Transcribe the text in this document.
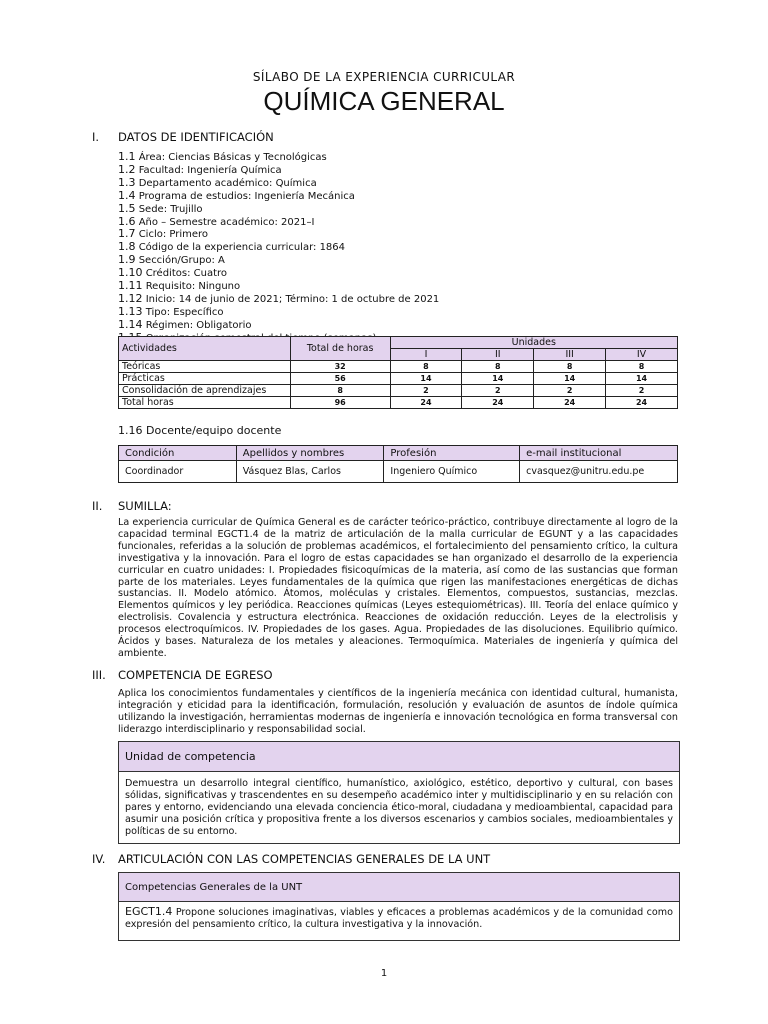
SÍLABO DE LA EXPERIENCIA CURRICULAR
QUÍMICA GENERAL
I. DATOS DE IDENTIFICACIÓN
1.1 Área: Ciencias Básicas y Tecnológicas
1.2 Facultad: Ingeniería Química
1.3 Departamento académico: Química
1.4 Programa de estudios: Ingeniería Mecánica
1.5 Sede: Trujillo
1.6 Año – Semestre académico: 2021–I
1.7 Ciclo: Primero
1.8 Código de la experiencia curricular: 1864
1.9 Sección/Grupo: A
1.10 Créditos: Cuatro
1.11 Requisito: Ninguno
1.12 Inicio: 14 de junio de 2021; Término: 1 de octubre de 2021
1.13 Tipo: Específico
1.14 Régimen: Obligatorio
Actividades	Total de horas	Unidades			
		I	II	III	IV
Teóricas	32	8	8	8	8
Prácticas	56	14	14	14	14
Consolidación de aprendizajes	8	2	2	2	2
Total horas	96	24	24	24	24
1.16 Docente/equipo docente
Condición	Apellidos y nombres	Profesión	e-mail institucional
Coordinador	Vásquez Blas, Carlos	Ingeniero Químico	cvasquez@unitru.edu.pe
II. SUMILLA:
La experiencia curricular de Química General es de carácter teórico-práctico, contribuye directamente al logro de la capacidad terminal EGCT1.4 de la matriz de articulación de la malla curricular de EGUNT y a las capacidades funcionales, referidas a la solución de problemas académicos, el fortalecimiento del pensamiento crítico, la cultura investigativa y la innovación. Para el logro de estas capacidades se han organizado el desarrollo de la experiencia curricular en cuatro unidades: I. Propiedades fisicoquímicas de la materia, así como de las sustancias que forman parte de los materiales. Leyes fundamentales de la química que rigen las manifestaciones energéticas de dichas sustancias. II. Modelo atómico. Átomos, moléculas y cristales. Elementos, compuestos, sustancias, mezclas. Elementos químicos y ley periódica. Reacciones químicas (Leyes estequiométricas). III. Teoría del enlace químico y electrolisis. Covalencia y estructura electrónica. Reacciones de oxidación reducción. Leyes de la electrolisis y procesos electroquímicos. IV. Propiedades de los gases. Agua. Propiedades de las disoluciones. Equilibrio químico. Ácidos y bases. Naturaleza de los metales y aleaciones. Termoquímica. Materiales de ingeniería y química del ambiente.
III. COMPETENCIA DE EGRESO
Aplica los conocimientos fundamentales y científicos de la ingeniería mecánica con identidad cultural, humanista, integración y eticidad para la identificación, formulación, resolución y evaluación de asuntos de índole química utilizando la investigación, herramientas modernas de ingeniería e innovación tecnológica en forma transversal con liderazgo interdisciplinario y responsabilidad social.
Unidad de competencia
Demuestra un desarrollo integral científico, humanístico, axiológico, estético, deportivo y cultural, con bases sólidas, significativas y trascendentes en su desempeño académico inter y multidisciplinario y en su relación con pares y entorno, evidenciando una elevada conciencia ético-moral, ciudadana y medioambiental, capacidad para asumir una posición crítica y propositiva frente a los diversos escenarios y cambios sociales, medioambientales y políticas de su entorno.
IV. ARTICULACIÓN CON LAS COMPETENCIAS GENERALES DE LA UNT
Competencias Generales de la UNT
EGCT1.4 Propone soluciones imaginativas, viables y eficaces a problemas académicos y de la comunidad como expresión del pensamiento crítico, la cultura investigativa y la innovación.
1
